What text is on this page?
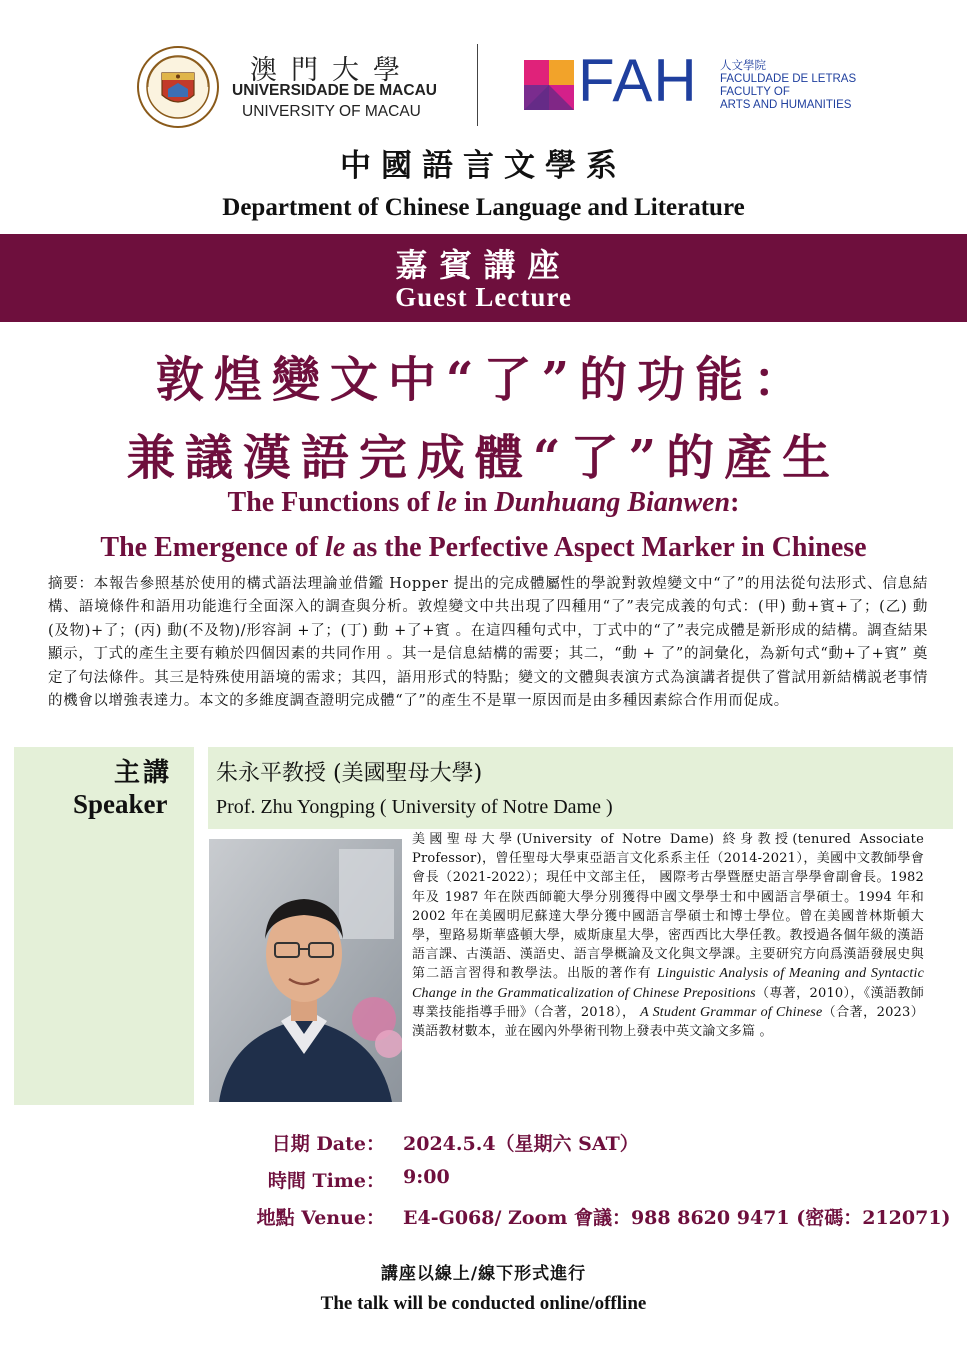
澳門大學
UNIVERSIDADE DE MACAU
UNIVERSITY OF MACAU	FAH 人文學院
FACULDADE DE LETRAS
FACULTY OF
ARTS AND HUMANITIES
中國語言文學系
Department of Chinese Language and Literature
嘉賓講座
Guest Lecture
敦煌變文中“了”的功能：
兼議漢語完成體“了”的產生
The Functions of le in Dunhuang Bianwen:
The Emergence of le as the Perfective Aspect Marker in Chinese
摘要：本報告參照基於使用的構式語法理論並借鑑 Hopper 提出的完成體屬性的學說對敦煌變文中“了”的用法從句法形式、信息結構、語境條件和語用功能進行全面深入的調查與分析。敦煌變文中共出現了四種用“了”表完成義的句式：(甲) 動+賓+了；(乙) 動 (及物)+了；(丙) 動(不及物)/形容詞 +了；(丁) 動 +了+賓 。在這四種句式中，丁式中的“了”表完成體是新形成的結構。調查結果顯示，丁式的產生主要有賴於四個因素的共同作用 。其一是信息結構的需要；其二，“動 + 了”的詞彙化，為新句式“動+了+賓” 奠定了句法條件。其三是特殊使用語境的需求；其四，語用形式的特點；變文的文體與表演方式為演講者提供了嘗試用新結構説老事情的機會以增強表達力。本文的多維度調查證明完成體“了”的產生不是單一原因而是由多種因素綜合作用而促成。
主講
Speaker
朱永平教授 (美國聖母大學)
Prof. Zhu Yongping ( University of Notre Dame )
美國聖母大學(University of Notre Dame) 終身教授(tenured Associate Professor)，曾任聖母大學東亞語言文化系系主任（2014-2021），美國中文教師學會會長（2021-2022）；現任中文部主任， 國際考古學暨歷史語言學學會副會長。1982 年及 1987 年在陝西師範大學分別獲得中國文學學士和中國語言學碩士。1994 年和 2002 年在美國明尼蘇達大學分獲中國語言學碩士和博士學位。曾在美國普林斯頓大學，聖路易斯華盛頓大學，威斯康星大學，密西西比大學任教。教授過各個年級的漢語語言課、古漢語、漢語史、語言學概論及文化與文學課。主要研究方向爲漢語發展史與第二語言習得和教學法。出版的著作有 Linguistic Analysis of Meaning and Syntactic Change in the Grammaticalization of Chinese Prepositions（專著，2010），《漢語教師專業技能指導手冊》（合著，2018）， A Student Grammar of Chinese（合著，2023）漢語教材數本，並在國內外學術刊物上發表中英文論文多篇 。
日期 Date： 2024.5.4（星期六 SAT）
時間 Time： 9:00
地點 Venue： E4-G068/ Zoom 會議：988 8620 9471 (密碼：212071)
講座以線上/線下形式進行
The talk will be conducted online/offline
